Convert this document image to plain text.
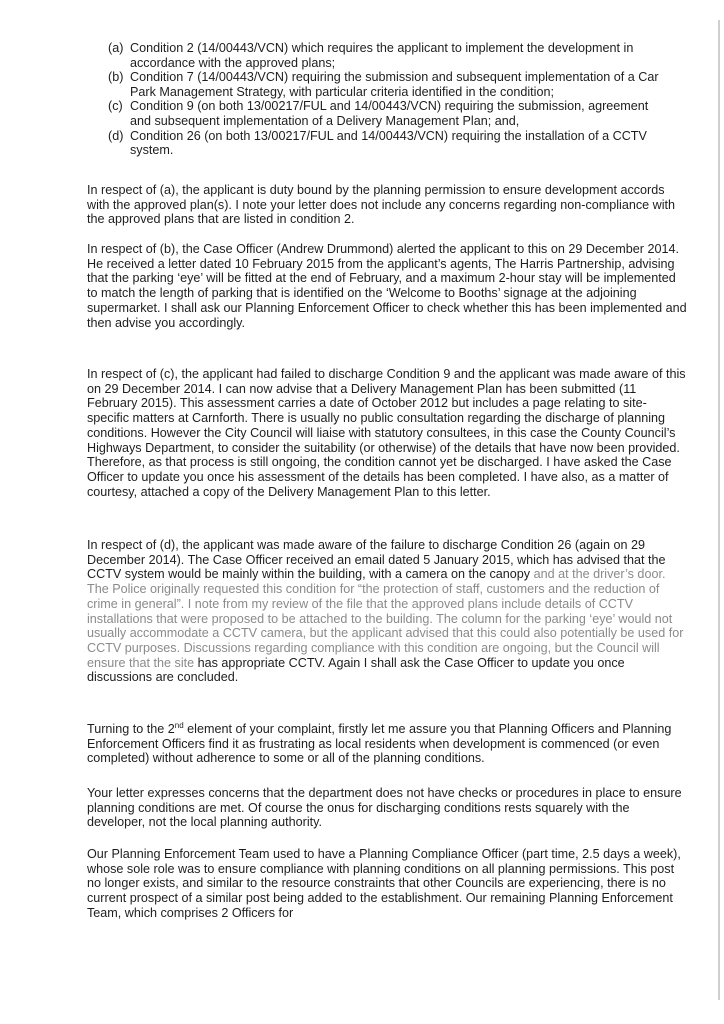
(a) Condition 2 (14/00443/VCN) which requires the applicant to implement the development in accordance with the approved plans;
(b) Condition 7 (14/00443/VCN) requiring the submission and subsequent implementation of a Car Park Management Strategy, with particular criteria identified in the condition;
(c) Condition 9 (on both 13/00217/FUL and 14/00443/VCN) requiring the submission, agreement and subsequent implementation of a Delivery Management Plan; and,
(d) Condition 26 (on both 13/00217/FUL and 14/00443/VCN) requiring the installation of a CCTV system.

In respect of (a), the applicant is duty bound by the planning permission to ensure development accords with the approved plan(s). I note your letter does not include any concerns regarding non-compliance with the approved plans that are listed in condition 2.

In respect of (b), the Case Officer (Andrew Drummond) alerted the applicant to this on 29 December 2014. He received a letter dated 10 February 2015 from the applicant’s agents, The Harris Partnership, advising that the parking ‘eye’ will be fitted at the end of February, and a maximum 2-hour stay will be implemented to match the length of parking that is identified on the ‘Welcome to Booths’ signage at the adjoining supermarket. I shall ask our Planning Enforcement Officer to check whether this has been implemented and then advise you accordingly.

In respect of (c), the applicant had failed to discharge Condition 9 and the applicant was made aware of this on 29 December 2014. I can now advise that a Delivery Management Plan has been submitted (11 February 2015). This assessment carries a date of October 2012 but includes a page relating to site-specific matters at Carnforth. There is usually no public consultation regarding the discharge of planning conditions. However the City Council will liaise with statutory consultees, in this case the County Council’s Highways Department, to consider the suitability (or otherwise) of the details that have now been provided. Therefore, as that process is still ongoing, the condition cannot yet be discharged. I have asked the Case Officer to update you once his assessment of the details has been completed. I have also, as a matter of courtesy, attached a copy of the Delivery Management Plan to this letter.

In respect of (d), the applicant was made aware of the failure to discharge Condition 26 (again on 29 December 2014). The Case Officer received an email dated 5 January 2015, which has advised that the CCTV system would be mainly within the building, with a camera on the canopy and at the driver’s door. The Police originally requested this condition for “the protection of staff, customers and the reduction of crime in general”. I note from my review of the file that the approved plans include details of CCTV installations that were proposed to be attached to the building. The column for the parking ‘eye’ would not usually accommodate a CCTV camera, but the applicant advised that this could also potentially be used for CCTV purposes. Discussions regarding compliance with this condition are ongoing, but the Council will ensure that the site has appropriate CCTV. Again I shall ask the Case Officer to update you once discussions are concluded.

Turning to the 2nd element of your complaint, firstly let me assure you that Planning Officers and Planning Enforcement Officers find it as frustrating as local residents when development is commenced (or even completed) without adherence to some or all of the planning conditions.

Your letter expresses concerns that the department does not have checks or procedures in place to ensure planning conditions are met. Of course the onus for discharging conditions rests squarely with the developer, not the local planning authority.

Our Planning Enforcement Team used to have a Planning Compliance Officer (part time, 2.5 days a week), whose sole role was to ensure compliance with planning conditions on all planning permissions. This post no longer exists, and similar to the resource constraints that other Councils are experiencing, there is no current prospect of a similar post being added to the establishment. Our remaining Planning Enforcement Team, which comprises 2 Officers for
